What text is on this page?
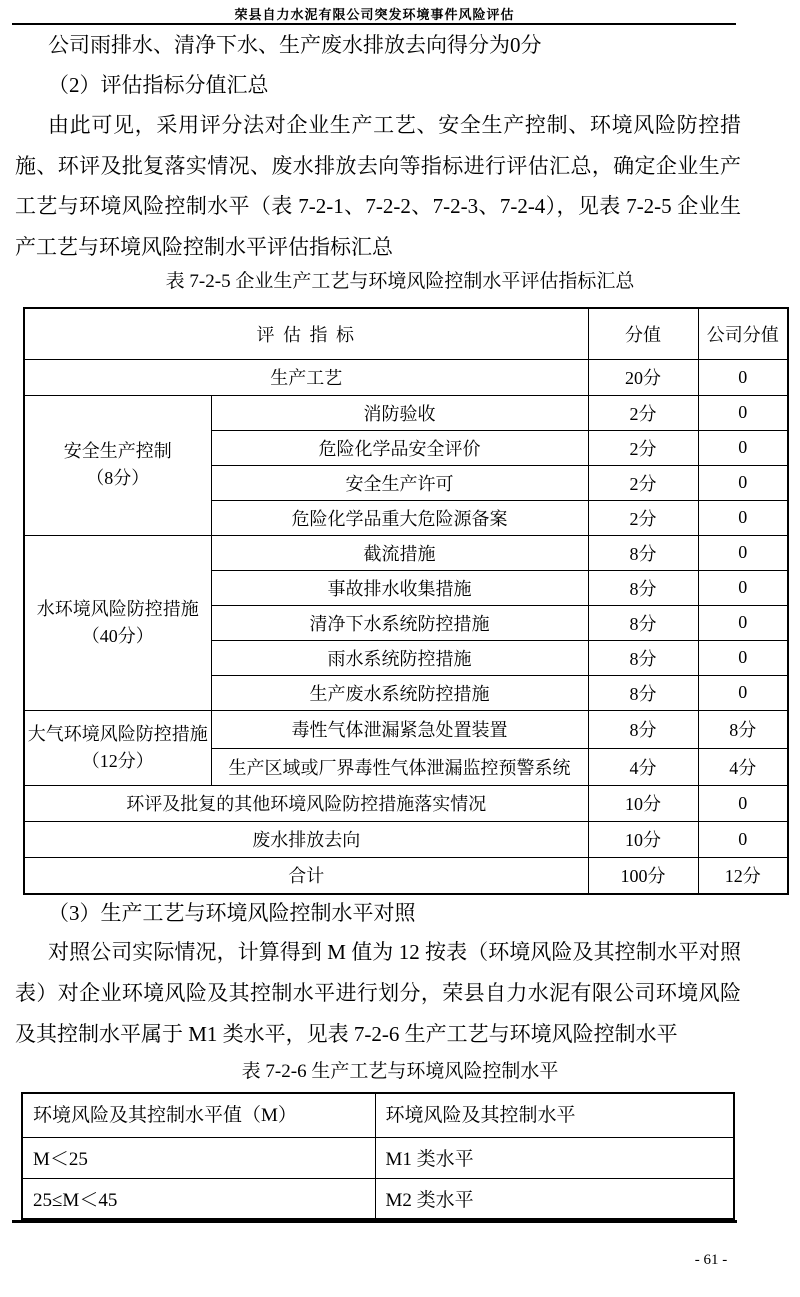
荣县自力水泥有限公司突发环境事件风险评估
公司雨排水、清净下水、生产废水排放去向得分为0分
（2）评估指标分值汇总
由此可见，采用评分法对企业生产工艺、安全生产控制、环境风险防控措施、环评及批复落实情况、废水排放去向等指标进行评估汇总，确定企业生产工艺与环境风险控制水平（表 7-2-1、7-2-2、7-2-3、7-2-4），见表 7-2-5 企业生产工艺与环境风险控制水平评估指标汇总
表 7-2-5 企业生产工艺与环境风险控制水平评估指标汇总
评 估 指 标		分值	公司分值
生产工艺		20分	0

安全生产控制
（8分）	消防验收	2分	0
	危险化学品安全评价	2分	0
	安全生产许可	2分	0
	危险化学品重大危险源备案	2分	0

水环境风险防控措施
（40分）	截流措施	8分	0
	事故排水收集措施	8分	0
	清净下水系统防控措施	8分	0
	雨水系统防控措施	8分	0
	生产废水系统防控措施	8分	0

大气环境风险防控措施
（12分）	毒性气体泄漏紧急处置装置	8分	8分
	生产区域或厂界毒性气体泄漏监控预警系统	4分	4分
环评及批复的其他环境风险防控措施落实情况		10分	0
废水排放去向		10分	0
合计		100分	12分
（3）生产工艺与环境风险控制水平对照
对照公司实际情况，计算得到 M 值为 12 按表（环境风险及其控制水平对照表）对企业环境风险及其控制水平进行划分，荣县自力水泥有限公司环境风险及其控制水平属于 M1 类水平，见表 7-2-6 生产工艺与环境风险控制水平
表 7-2-6 生产工艺与环境风险控制水平
环境风险及其控制水平值（M）	环境风险及其控制水平
M＜25	M1 类水平
25≤M＜45	M2 类水平
- 61 -
